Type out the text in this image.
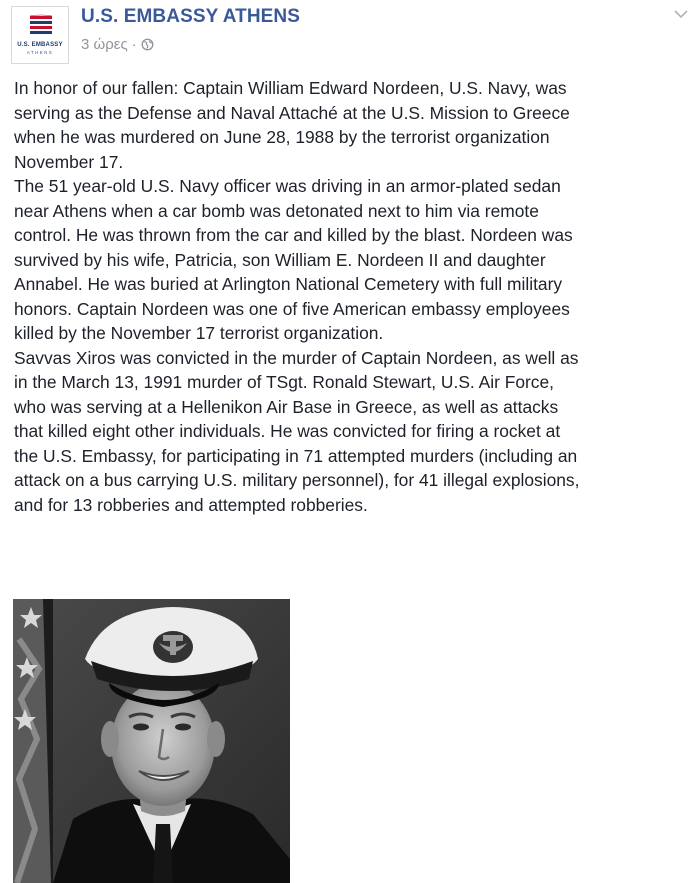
U.S. EMBASSY
ATHENS
U.S. EMBASSY ATHENS
3 ώρες ·

In honor of our fallen: Captain William Edward Nordeen, U.S. Navy, was

serving as the Defense and Naval Attaché at the U.S. Mission to Greece

when he was murdered on June 28, 1988 by the terrorist organization

November 17.

The 51 year-old U.S. Navy officer was driving in an armor-plated sedan

near Athens when a car bomb was detonated next to him via remote

control. He was thrown from the car and killed by the blast. Nordeen was

survived by his wife, Patricia, son William E. Nordeen II and daughter

Annabel. He was buried at Arlington National Cemetery with full military

honors. Captain Nordeen was one of five American embassy employees

killed by the November 17 terrorist organization.

Savvas Xiros was convicted in the murder of Captain Nordeen, as well as

in the March 13, 1991 murder of TSgt. Ronald Stewart, U.S. Air Force,

who was serving at a Hellenikon Air Base in Greece, as well as attacks

that killed eight other individuals. He was convicted for firing a rocket at

the U.S. Embassy, for participating in 71 attempted murders (including an

attack on a bus carrying U.S. military personnel), for 41 illegal explosions,

and for 13 robberies and attempted robberies.
